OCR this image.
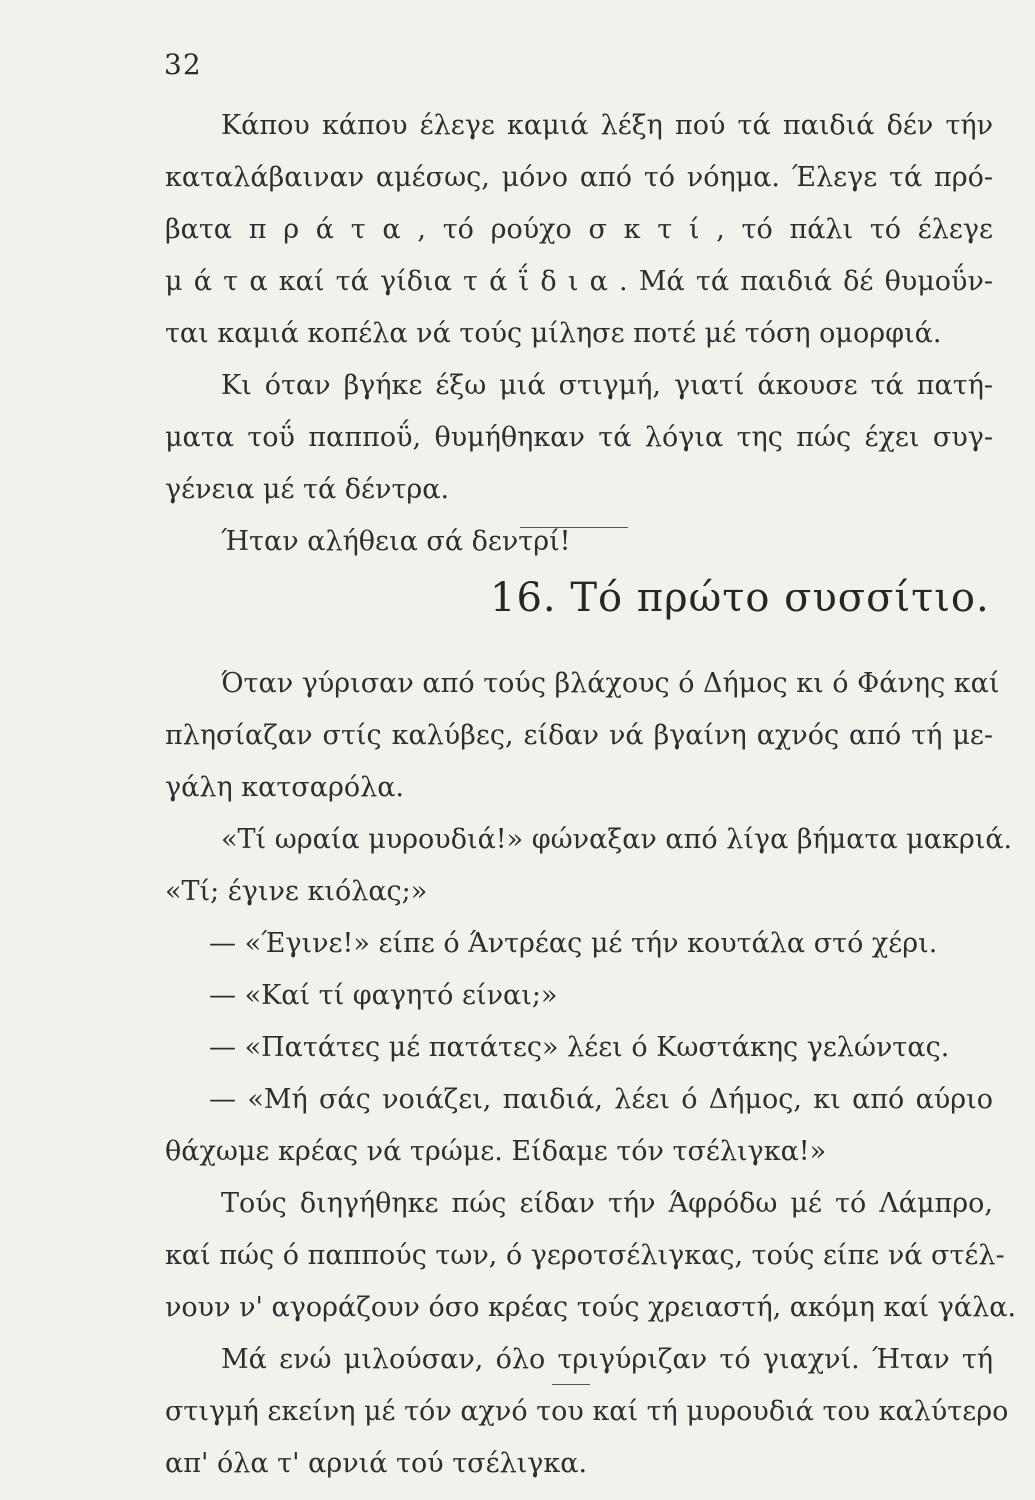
32
Κάπου κάπου έλεγε καμιά λέξη πού τά παιδιά δέν τήν
καταλάβαιναν αμέσως, μόνο από τό νόημα. Έλεγε τά πρό-
βατα π ρ ά τ α , τό ρούχο σ κ τ ί , τό πάλι τό έλεγε
μ ά τ α καί τά γίδια τ ά ΐ δ ι α . Μά τά παιδιά δέ θυμοΰν-
ται καμιά κοπέλα νά τούς μίλησε ποτέ μέ τόση ομορφιά.
Κι όταν βγήκε έξω μιά στιγμή, γιατί άκουσε τά πατή-
ματα τοΰ παπποΰ, θυμήθηκαν τά λόγια της πώς έχει συγ-
γένεια μέ τά δέντρα.
Ήταν αλήθεια σά δεντρί!
16. Τό πρώτο συσσίτιο.
Όταν γύρισαν από τούς βλάχους ό Δήμος κι ό Φάνης καί
πλησίαζαν στίς καλύβες, είδαν νά βγαίνη αχνός από τή με-
γάλη κατσαρόλα.
«Τί ωραία μυρουδιά!» φώναξαν από λίγα βήματα μακριά.
«Τί; έγινε κιόλας;»
— «Έγινε!» είπε ό Άντρέας μέ τήν κουτάλα στό χέρι.
— «Καί τί φαγητό είναι;»
— «Πατάτες μέ πατάτες» λέει ό Κωστάκης γελώντας.
— «Μή σάς νοιάζει, παιδιά, λέει ό Δήμος, κι από αύριο
θάχωμε κρέας νά τρώμε. Είδαμε τόν τσέλιγκα!»
Τούς διηγήθηκε πώς είδαν τήν Άφρόδω μέ τό Λάμπρο,
καί πώς ό παππούς των, ό γεροτσέλιγκας, τούς είπε νά στέλ-
νουν ν' αγοράζουν όσο κρέας τούς χρειαστή, ακόμη καί γάλα.
Μά ενώ μιλούσαν, όλο τριγύριζαν τό γιαχνί. Ήταν τή
στιγμή εκείνη μέ τόν αχνό του καί τή μυρουδιά του καλύτερο
απ' όλα τ' αρνιά τού τσέλιγκα.
